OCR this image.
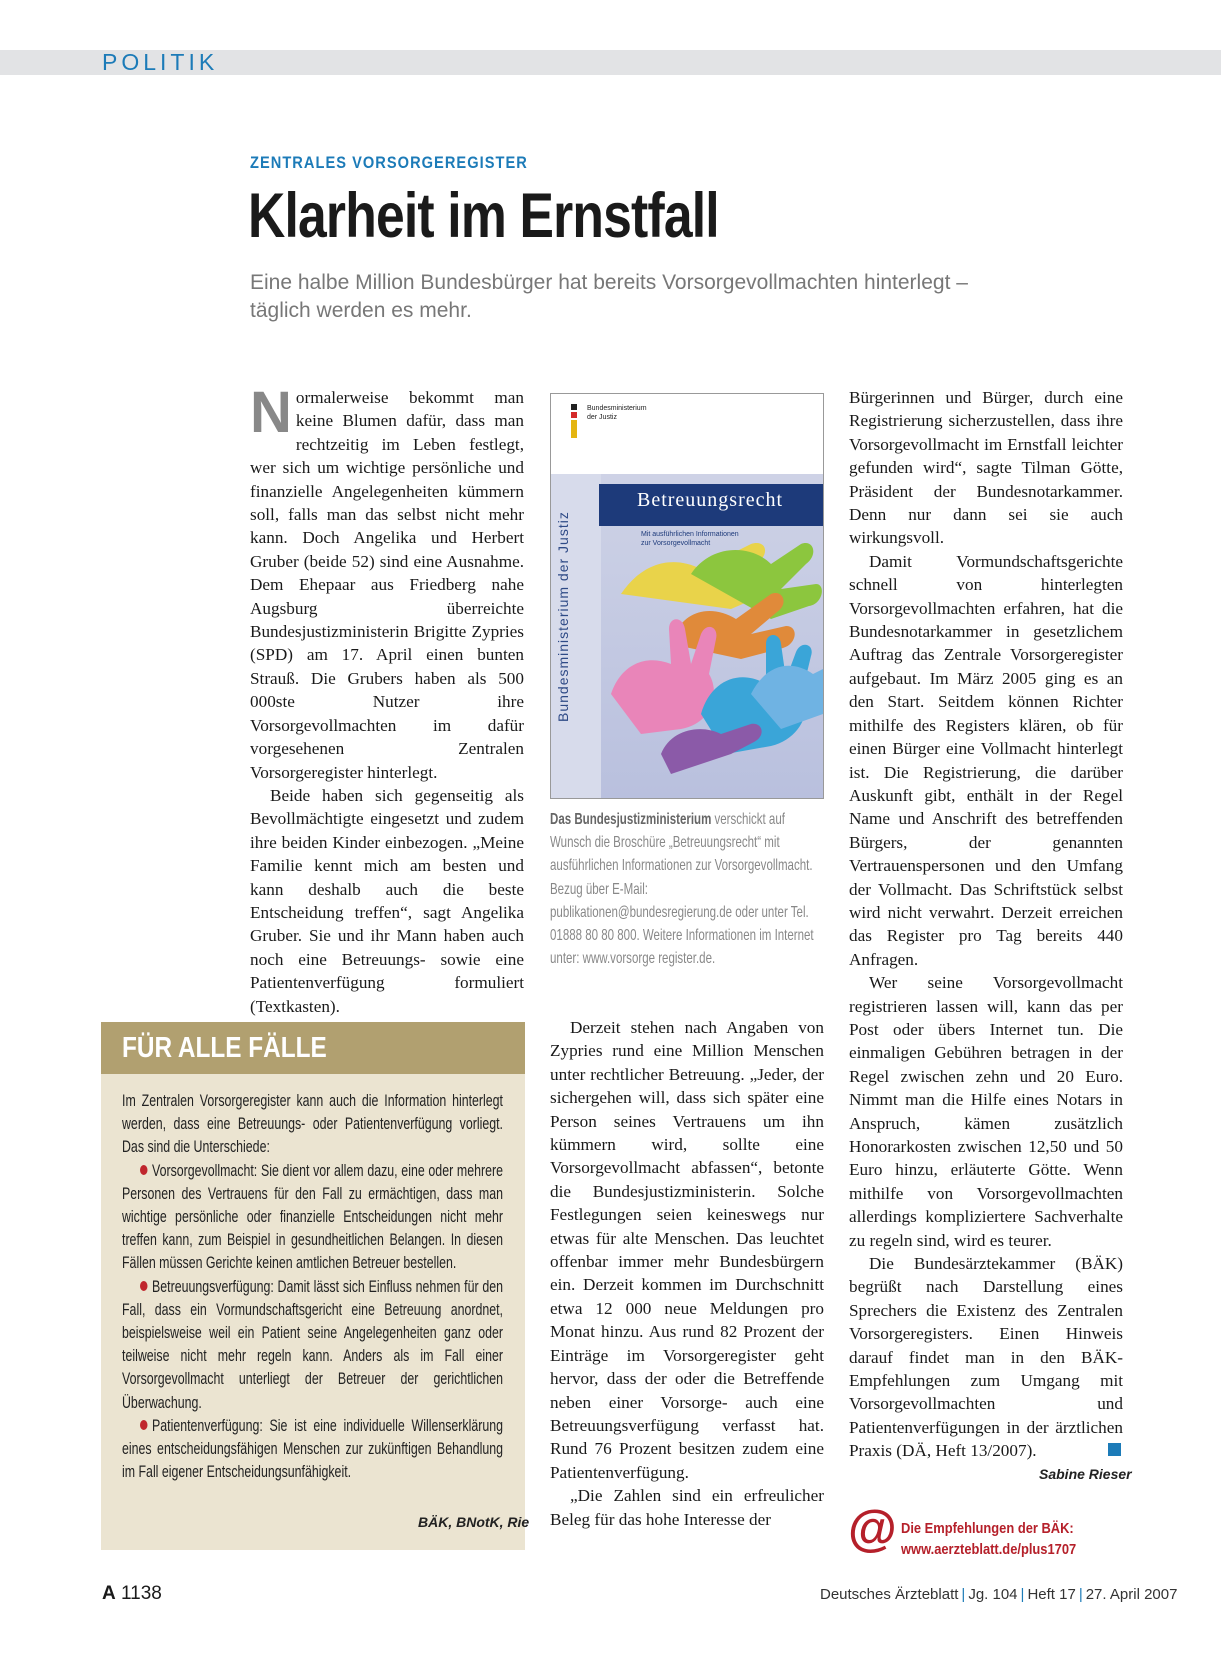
POLITIK
ZENTRALES VORSORGEREGISTER
Klarheit im Ernstfall
Eine halbe Million Bundesbürger hat bereits Vorsorgevollmachten hinterlegt – täglich werden es mehr.

Normalerweise bekommt man keine Blumen dafür, dass man rechtzeitig im Leben festlegt, wer sich um wichtige persönliche und finanzielle Angelegenheiten kümmern soll, falls man das selbst nicht mehr kann. Doch Angelika und Herbert Gruber (beide 52) sind eine Ausnahme. Dem Ehepaar aus Friedberg nahe Augsburg überreichte Bundesjustizministerin Brigitte Zypries (SPD) am 17. April einen bunten Strauß. Die Grubers haben als 500 000ste Nutzer ihre Vorsorgevollmachten im dafür vorgesehenen Zentralen Vorsorgeregister hinterlegt.

Beide haben sich gegenseitig als Bevollmächtigte eingesetzt und zudem ihre beiden Kinder einbezogen. „Meine Familie kennt mich am besten und kann deshalb auch die beste Entscheidung treffen“, sagt Angelika Gruber. Sie und ihr Mann haben auch noch eine Betreuungs- sowie eine Patientenverfügung formuliert (Textkasten).

Bundesministerium der Justiz
Bundesministerium der Justiz
Betreuungsrecht
Mit ausführlichen Informationen
zur Vorsorgevollmacht
Das Bundesjustizministerium verschickt auf Wunsch die Broschüre „Betreuungsrecht“ mit ausführlichen Informationen zur Vorsorgevollmacht. Bezug über E-Mail: publikationen@bundesregierung.de oder unter Tel. 01888 80 80 800. Weitere Informationen im Internet unter: www.vorsorge register.de.

Derzeit stehen nach Angaben von Zypries rund eine Million Menschen unter rechtlicher Betreuung. „Jeder, der sichergehen will, dass sich später eine Person seines Vertrauens um ihn kümmern wird, sollte eine Vorsorgevollmacht abfassen“, betonte die Bundesjustizministerin. Solche Festlegungen seien keineswegs nur etwas für alte Menschen. Das leuchtet offenbar immer mehr Bundesbürgern ein. Derzeit kommen im Durchschnitt etwa 12 000 neue Meldungen pro Monat hinzu. Aus rund 82 Prozent der Einträge im Vorsorgeregister geht hervor, dass der oder die Betreffende neben einer Vorsorge- auch eine Betreuungsverfügung verfasst hat. Rund 76 Prozent besitzen zudem eine Patientenverfügung.

„Die Zahlen sind ein erfreulicher Beleg für das hohe Interesse der

Bürgerinnen und Bürger, durch eine Registrierung sicherzustellen, dass ihre Vorsorgevollmacht im Ernstfall leichter gefunden wird“, sagte Tilman Götte, Präsident der Bundesnotarkammer. Denn nur dann sei sie auch wirkungsvoll.

Damit Vormundschaftsgerichte schnell von hinterlegten Vorsorgevollmachten erfahren, hat die Bundesnotarkammer in gesetzlichem Auftrag das Zentrale Vorsorgeregister aufgebaut. Im März 2005 ging es an den Start. Seitdem können Richter mithilfe des Registers klären, ob für einen Bürger eine Vollmacht hinterlegt ist. Die Registrierung, die darüber Auskunft gibt, enthält in der Regel Name und Anschrift des betreffenden Bürgers, der genannten Vertrauenspersonen und den Umfang der Vollmacht. Das Schriftstück selbst wird nicht verwahrt. Derzeit erreichen das Register pro Tag bereits 440 Anfragen.

Wer seine Vorsorgevollmacht registrieren lassen will, kann das per Post oder übers Internet tun. Die einmaligen Gebühren betragen in der Regel zwischen zehn und 20 Euro. Nimmt man die Hilfe eines Notars in Anspruch, kämen zusätzlich Honorarkosten zwischen 12,50 und 50 Euro hinzu, erläuterte Götte. Wenn mithilfe von Vorsorgevollmachten allerdings kompliziertere Sachverhalte zu regeln sind, wird es teurer.

Die Bundesärztekammer (BÄK) begrüßt nach Darstellung eines Sprechers die Existenz des Zentralen Vorsorgeregisters. Einen Hinweis darauf findet man in den BÄK-Empfehlungen zum Umgang mit Vorsorgevollmachten und Patientenverfügungen in der ärztlichen Praxis (DÄ, Heft 13/2007).

Sabine Rieser
FÜR ALLE FÄLLE

Im Zentralen Vorsorgeregister kann auch die Information hinterlegt werden, dass eine Betreuungs- oder Patientenverfügung vorliegt. Das sind die Unterschiede:

Vorsorgevollmacht: Sie dient vor allem dazu, eine oder mehrere Personen des Vertrauens für den Fall zu ermächtigen, dass man wichtige persönliche oder finanzielle Entscheidungen nicht mehr treffen kann, zum Beispiel in gesundheitlichen Belangen. In diesen Fällen müssen Gerichte keinen amtlichen Betreuer bestellen.

Betreuungsverfügung: Damit lässt sich Einfluss nehmen für den Fall, dass ein Vormundschaftsgericht eine Betreuung anordnet, beispielsweise weil ein Patient seine Angelegenheiten ganz oder teilweise nicht mehr regeln kann. Anders als im Fall einer Vorsorgevollmacht unterliegt der Betreuer der gerichtlichen Überwachung.

Patientenverfügung: Sie ist eine individuelle Willenserklärung eines entscheidungsfähigen Menschen zur zukünftigen Behandlung im Fall eigener Entscheidungsunfähigkeit.

BÄK, BNotK, Rie	@ Die Empfehlungen der BÄK:
www.aerzteblatt.de/plus1707
A 1138	Deutsches Ärzteblatt | Jg. 104 | Heft 17 | 27. April 2007
